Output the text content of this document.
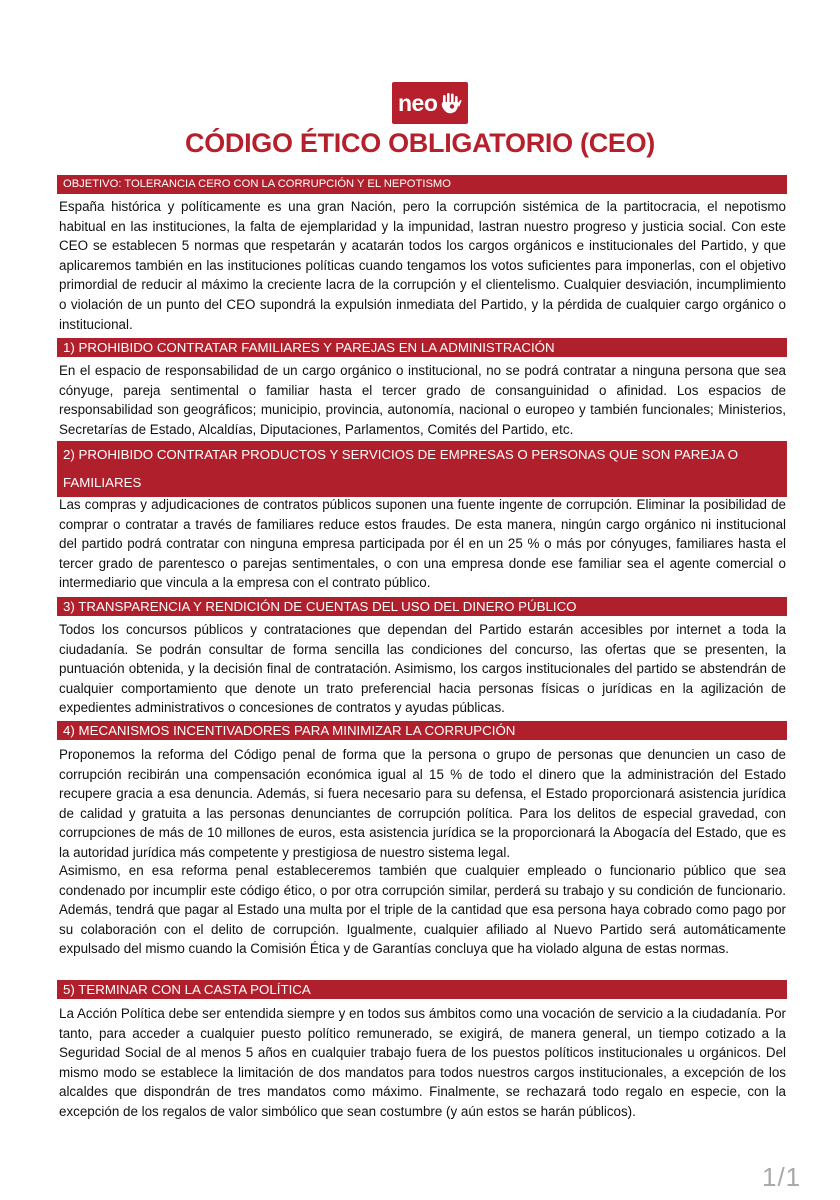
neo
CÓDIGO ÉTICO OBLIGATORIO (CEO)
OBJETIVO: TOLERANCIA CERO CON LA CORRUPCIÓN Y EL NEPOTISMO

España histórica y políticamente es una gran Nación, pero la corrupción sistémica de la partitocracia, el nepotismo habitual en las instituciones, la falta de ejemplaridad y la impunidad, lastran nuestro progreso y justicia social. Con este CEO se establecen 5 normas que respetarán y acatarán todos los cargos orgánicos e institucionales del Partido, y que aplicaremos también en las instituciones políticas cuando tengamos los votos suficientes para imponerlas, con el objetivo primordial de reducir al máximo la creciente lacra de la corrupción y el clientelismo. Cualquier desviación, incumplimiento o violación de un punto del CEO supondrá la expulsión inmediata del Partido, y la pérdida de cualquier cargo orgánico o institucional.

1) PROHIBIDO CONTRATAR FAMILIARES Y PAREJAS EN LA ADMINISTRACIÓN

En el espacio de responsabilidad de un cargo orgánico o institucional, no se podrá contratar a ninguna persona que sea cónyuge, pareja sentimental o familiar hasta el tercer grado de consanguinidad o afinidad. Los espacios de responsabilidad son geográficos; municipio, provincia, autonomía, nacional o europeo y también funcionales; Ministerios, Secretarías de Estado, Alcaldías, Diputaciones, Parlamentos, Comités del Partido, etc.

2) PROHIBIDO CONTRATAR PRODUCTOS Y SERVICIOS DE EMPRESAS O PERSONAS QUE SON PAREJA O FAMILIARES

Las compras y adjudicaciones de contratos públicos suponen una fuente ingente de corrupción. Eliminar la posibilidad de comprar o contratar a través de familiares reduce estos fraudes. De esta manera, ningún cargo orgánico ni institucional del partido podrá contratar con ninguna empresa participada por él en un 25 % o más por cónyuges, familiares hasta el tercer grado de parentesco o parejas sentimentales, o con una empresa donde ese familiar sea el agente comercial o intermediario que vincula a la empresa con el contrato público.

3) TRANSPARENCIA Y RENDICIÓN DE CUENTAS DEL USO DEL DINERO PÚBLICO

Todos los concursos públicos y contrataciones que dependan del Partido estarán accesibles por internet a toda la ciudadanía. Se podrán consultar de forma sencilla las condiciones del concurso, las ofertas que se presenten, la puntuación obtenida, y la decisión final de contratación. Asimismo, los cargos institucionales del partido se abstendrán de cualquier comportamiento que denote un trato preferencial hacia personas físicas o jurídicas en la agilización de expedientes administrativos o concesiones de contratos y ayudas públicas.

4) MECANISMOS INCENTIVADORES PARA MINIMIZAR LA CORRUPCIÓN

Proponemos la reforma del Código penal de forma que la persona o grupo de personas que denuncien un caso de corrupción recibirán una compensación económica igual al 15 % de todo el dinero que la administración del Estado recupere gracia a esa denuncia. Además, si fuera necesario para su defensa, el Estado proporcionará asistencia jurídica de calidad y gratuita a las personas denunciantes de corrupción política. Para los delitos de especial gravedad, con corrupciones de más de 10 millones de euros, esta asistencia jurídica se la proporcionará la Abogacía del Estado, que es la autoridad jurídica más competente y prestigiosa de nuestro sistema legal.

Asimismo, en esa reforma penal estableceremos también que cualquier empleado o funcionario público que sea condenado por incumplir este código ético, o por otra corrupción similar, perderá su trabajo y su condición de funcionario. Además, tendrá que pagar al Estado una multa por el triple de la cantidad que esa persona haya cobrado como pago por su colaboración con el delito de corrupción. Igualmente, cualquier afiliado al Nuevo Partido será automáticamente expulsado del mismo cuando la Comisión Ética y de Garantías concluya que ha violado alguna de estas normas.

5) TERMINAR CON LA CASTA POLÍTICA

La Acción Política debe ser entendida siempre y en todos sus ámbitos como una vocación de servicio a la ciudadanía. Por tanto, para acceder a cualquier puesto político remunerado, se exigirá, de manera general, un tiempo cotizado a la Seguridad Social de al menos 5 años en cualquier trabajo fuera de los puestos políticos institucionales u orgánicos. Del mismo modo se establece la limitación de dos mandatos para todos nuestros cargos institucionales, a excepción de los alcaldes que dispondrán de tres mandatos como máximo. Finalmente, se rechazará todo regalo en especie, con la excepción de los regalos de valor simbólico que sean costumbre (y aún estos se harán públicos).

1/1
